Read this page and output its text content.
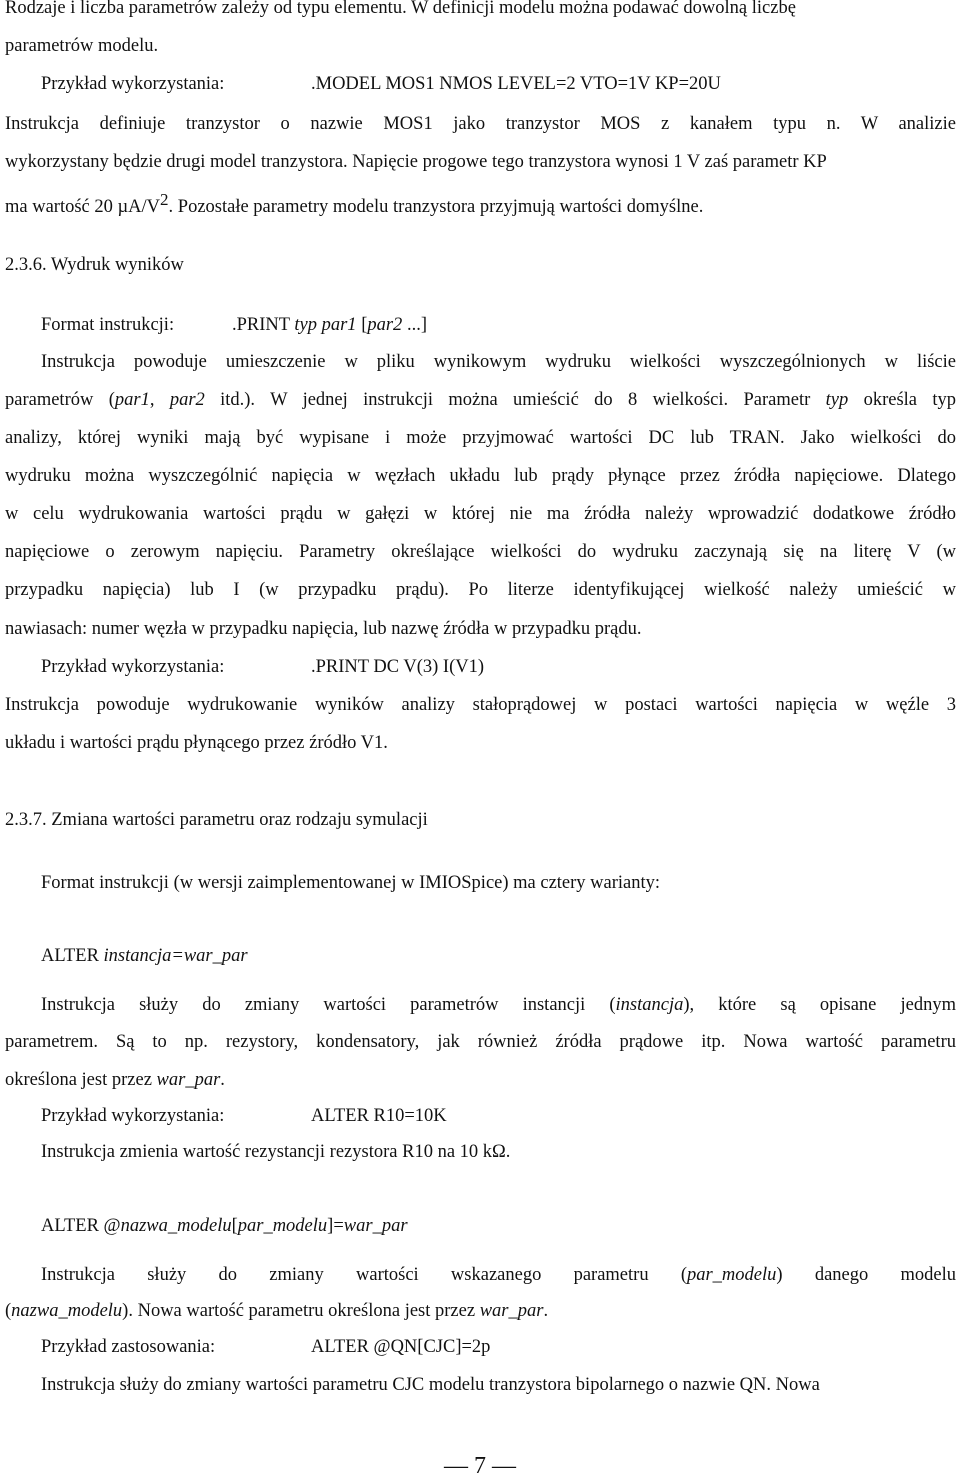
Rodzaje i liczba parametrów zależy od typu elementu. W definicji modelu można podawać dowolną liczbę
parametrów modelu.
Przykład wykorzystania:	.MODEL MOS1 NMOS LEVEL=2 VTO=1V KP=20U
Instrukcja definiuje tranzystor o nazwie MOS1 jako tranzystor MOS z kanałem typu n. W analizie
wykorzystany będzie drugi model tranzystora. Napięcie progowe tego tranzystora wynosi 1 V zaś parametr KP
ma wartość 20 $\mu A/V^2$. Pozostałe parametry modelu tranzystora przyjmują wartości domyślne.
2.3.6. Wydruk wyników
Format instrukcji:	.PRINT typ par1 [par2 ...]
Instrukcja powoduje umieszczenie w pliku wynikowym wydruku wielkości wyszczególnionych w liście
parametrów (par1, par2 itd.). W jednej instrukcji można umieścić do 8 wielkości. Parametr typ określa typ
analizy, której wyniki mają być wypisane i może przyjmować wartości DC lub TRAN. Jako wielkości do
wydruku można wyszczególnić napięcia w węzłach układu lub prądy płynące przez źródła napięciowe. Dlatego
w celu wydrukowania wartości prądu w gałęzi w której nie ma źródła należy wprowadzić dodatkowe źródło
napięciowe o zerowym napięciu. Parametry określające wielkości do wydruku zaczynają się na literę V (w
przypadku napięcia) lub I (w przypadku prądu). Po literze identyfikującej wielkość należy umieścić w
nawiasach: numer węzła w przypadku napięcia, lub nazwę źródła w przypadku prądu.
Przykład wykorzystania:	.PRINT DC V(3) I(V1)
Instrukcja powoduje wydrukowanie wyników analizy stałoprądowej w postaci wartości napięcia w węźle 3
układu i wartości prądu płynącego przez źródło V1.
2.3.7. Zmiana wartości parametru oraz rodzaju symulacji
Format instrukcji (w wersji zaimplementowanej w IMIOSpice) ma cztery warianty:
ALTER instancja=war_par
Instrukcja służy do zmiany wartości parametrów instancji (instancja), które są opisane jednym
parametrem. Są to np. rezystory, kondensatory, jak również źródła prądowe itp. Nowa wartość parametru
określona jest przez war_par.
Przykład wykorzystania:	ALTER R10=10K
Instrukcja zmienia wartość rezystancji rezystora R10 na 10 kΩ.
ALTER @nazwa_modelu[par_modelu]=war_par
Instrukcja służy do zmiany wartości wskazanego parametru (par_modelu) danego modelu
(nazwa_modelu). Nowa wartość parametru określona jest przez war_par.
Przykład zastosowania:	ALTER @QN[CJC]=2p
Instrukcja służy do zmiany wartości parametru CJC modelu tranzystora bipolarnego o nazwie QN. Nowa
— 7 —
